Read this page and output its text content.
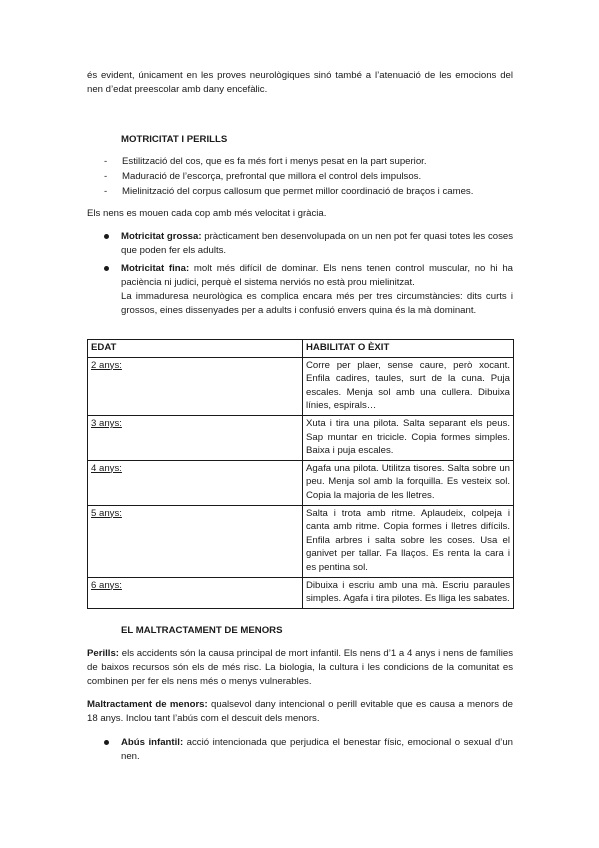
és evident, únicament en les proves neurològiques sinó també a l’atenuació de les emocions del nen d’edat preescolar amb dany encefàlic.

MOTRICITAT I PERILLS
- Estilització del cos, que es fa més fort i menys pesat en la part superior.
- Maduració de l’escorça, prefrontal que millora el control dels impulsos.
- Mielinització del corpus callosum que permet millor coordinació de braços i cames.

Els nens es mouen cada cop amb més velocitat i gràcia.

Motricitat grossa: pràcticament ben desenvolupada on un nen pot fer quasi totes les coses que poden fer els adults.

Motricitat fina: molt més difícil de dominar. Els nens tenen control muscular, no hi ha paciència ni judici, perquè el sistema nerviós no està prou mielinitzat.

La immaduresa neurològica es complica encara més per tres circumstàncies: dits curts i grossos, eines dissenyades per a adults i confusió envers quina és la mà dominant.

EDAT	HABILITAT O ÈXIT
2 anys:	Corre per plaer, sense caure, però xocant. Enfila cadires, taules, surt de la cuna. Puja escales. Menja sol amb una cullera. Dibuixa línies, espirals…
3 anys:	Xuta i tira una pilota. Salta separant els peus. Sap muntar en tricicle. Copia formes simples. Baixa i puja escales.
4 anys:	Agafa una pilota. Utilitza tisores. Salta sobre un peu. Menja sol amb la forquilla. Es vesteix sol. Copia la majoria de les lletres.
5 anys:	Salta i trota amb ritme. Aplaudeix, colpeja i canta amb ritme. Copia formes i lletres difícils. Enfila arbres i salta sobre les coses. Usa el ganivet per tallar. Fa llaços. Es renta la cara i es pentina sol.
6 anys:	Dibuixa i escriu amb una mà. Escriu paraules simples. Agafa i tira pilotes. Es lliga les sabates.
EL MALTRACTAMENT DE MENORS

Perills: els accidents són la causa principal de mort infantil. Els nens d’1 a 4 anys i nens de famílies de baixos recursos són els de més risc. La biologia, la cultura i les condicions de la comunitat es combinen per fer els nens més o menys vulnerables.

Maltractament de menors: qualsevol dany intencional o perill evitable que es causa a menors de 18 anys. Inclou tant l’abús com el descuit dels menors.

Abús infantil: acció intencionada que perjudica el benestar físic, emocional o sexual d’un nen.
